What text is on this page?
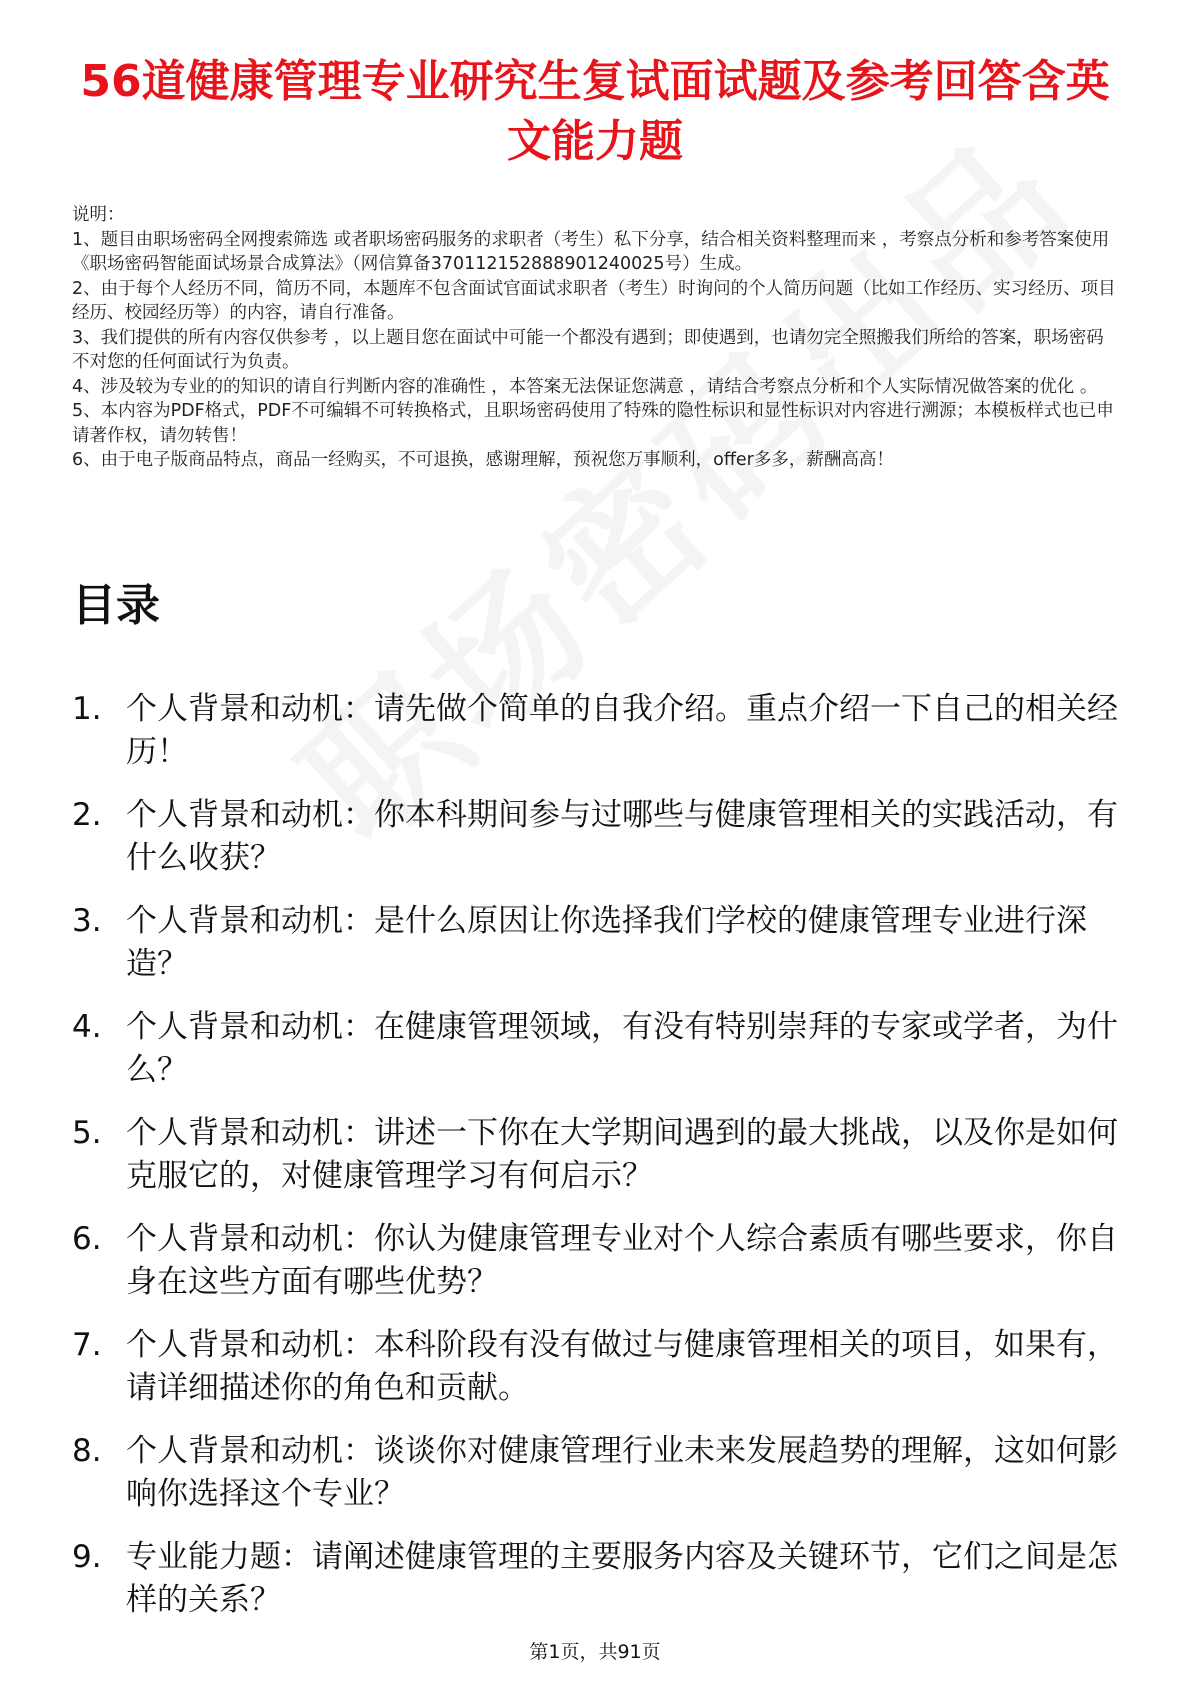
56道健康管理专业研究生复试面试题及参考回答含英文能力题

说明：

1、题目由职场密码全网搜索筛选 或者职场密码服务的求职者（考生）私下分享，结合相关资料整理而来 ，考察点分析和参考答案使用《职场密码智能面试场景合成算法》（网信算备370112152888901240025号）生成。

2、由于每个人经历不同，简历不同，本题库不包含面试官面试求职者（考生）时询问的个人简历问题（比如工作经历、实习经历、项目经历、校园经历等）的内容，请自行准备。

3、我们提供的所有内容仅供参考 ，以上题目您在面试中可能一个都没有遇到；即使遇到，也请勿完全照搬我们所给的答案，职场密码不对您的任何面试行为负责。

4、涉及较为专业的的知识的请自行判断内容的准确性 ，本答案无法保证您满意 ，请结合考察点分析和个人实际情况做答案的优化 。

5、本内容为PDF格式，PDF不可编辑不可转换格式，且职场密码使用了特殊的隐性标识和显性标识对内容进行溯源；本模板样式也已申请著作权，请勿转售！

6、由于电子版商品特点，商品一经购买，不可退换，感谢理解，预祝您万事顺利，offer多多，薪酬高高！

目录
1. 个人背景和动机：请先做个简单的自我介绍。重点介绍一下自己的相关经历！
2. 个人背景和动机：你本科期间参与过哪些与健康管理相关的实践活动，有什么收获？
3. 个人背景和动机：是什么原因让你选择我们学校的健康管理专业进行深造？
4. 个人背景和动机：在健康管理领域，有没有特别崇拜的专家或学者，为什么？
5. 个人背景和动机：讲述一下你在大学期间遇到的最大挑战，以及你是如何克服它的，对健康管理学习有何启示？
6. 个人背景和动机：你认为健康管理专业对个人综合素质有哪些要求，你自身在这些方面有哪些优势？
7. 个人背景和动机：本科阶段有没有做过与健康管理相关的项目，如果有，请详细描述你的角色和贡献。
8. 个人背景和动机：谈谈你对健康管理行业未来发展趋势的理解，这如何影响你选择这个专业？
9. 专业能力题：请阐述健康管理的主要服务内容及关键环节，它们之间是怎样的关系？
第1页，共91页
